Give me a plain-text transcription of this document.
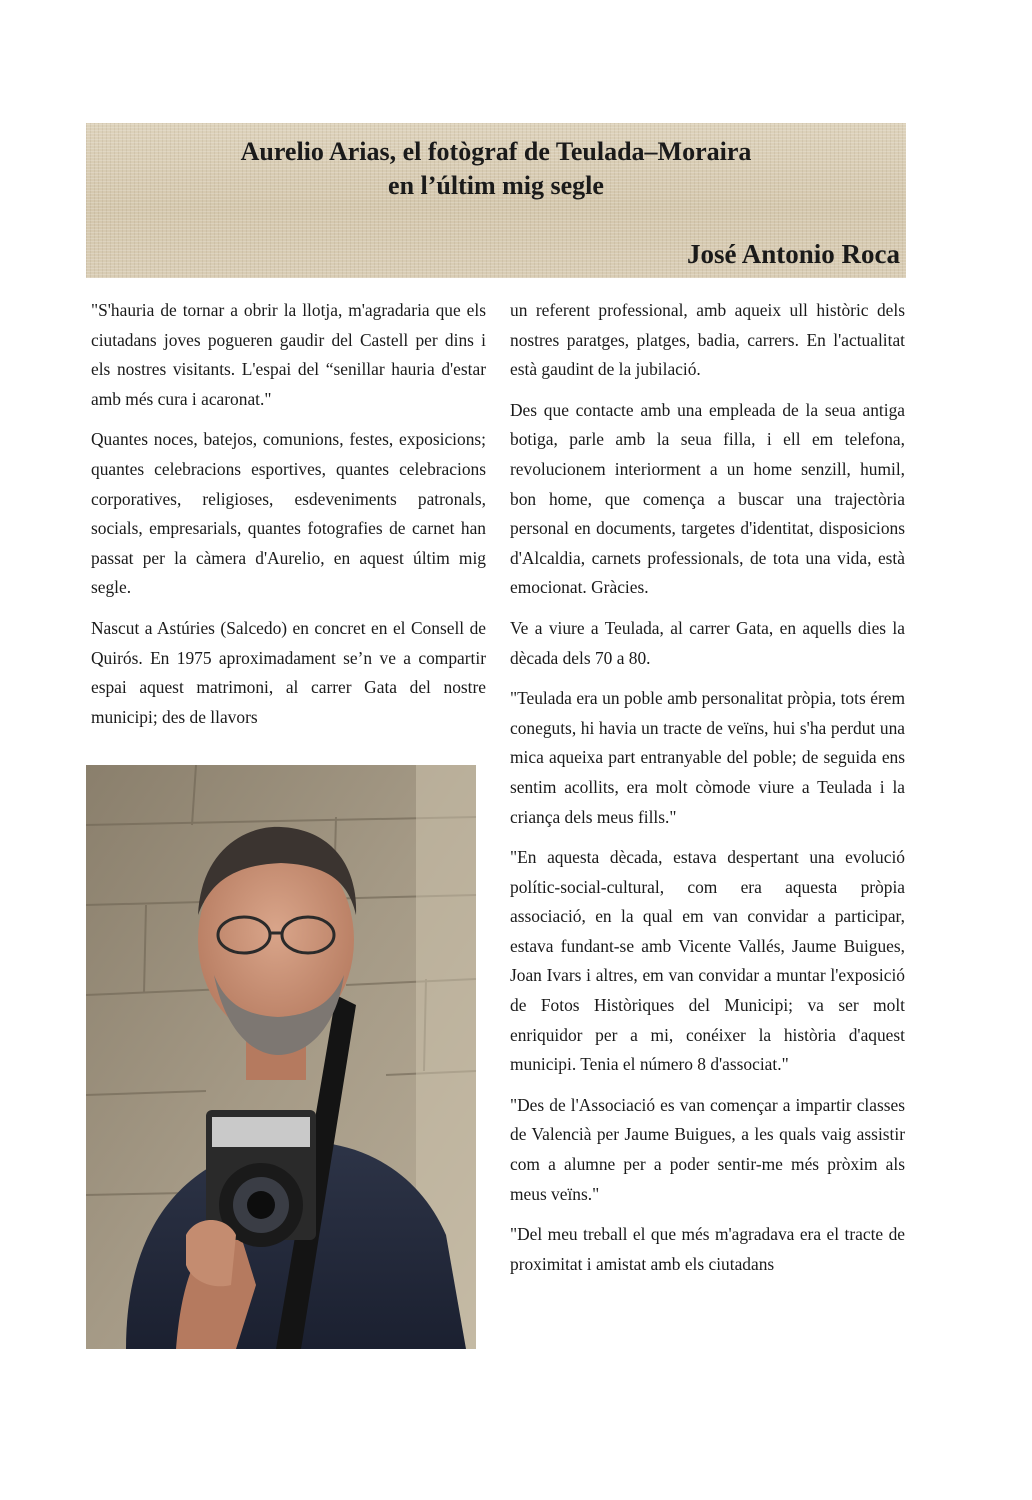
Aurelio Arias, el fotògraf de Teulada–Moraira
en l’últim mig segle
José Antonio Roca

"S'hauria de tornar a obrir la llotja, m'agradaria que els ciutadans joves pogueren gaudir del Castell per dins i els nostres visitants. L'espai del “senillar hauria d'estar amb més cura i acaronat."

Quantes noces, batejos, comunions, festes, exposicions; quantes celebracions esportives, quantes celebracions corporatives, religioses, esdeveniments patronals, socials, empresarials, quantes fotografies de carnet han passat per la càmera d'Aurelio, en aquest últim mig segle.

Nascut a Astúries (Salcedo) en concret en el Consell de Quirós. En 1975 aproximadament se’n ve a compartir espai aquest matrimoni, al carrer Gata del nostre municipi; des de llavors

un referent professional, amb aqueix ull històric dels nostres paratges, platges, badia, carrers. En l'actualitat està gaudint de la jubilació.

Des que contacte amb una empleada de la seua antiga botiga, parle amb la seua filla, i ell em telefona, revolucionem interiorment a un home senzill, humil, bon home, que comença a buscar una trajectòria personal en documents, targetes d'identitat, disposicions d'Alcaldia, carnets professionals, de tota una vida, està emocionat. Gràcies.

Ve a viure a Teulada, al carrer Gata, en aquells dies la dècada dels 70 a 80.

"Teulada era un poble amb personalitat pròpia, tots érem coneguts, hi havia un tracte de veïns, hui s'ha perdut una mica aqueixa part entranyable del poble; de seguida ens sentim acollits, era molt còmode viure a Teulada i la criança dels meus fills."

"En aquesta dècada, estava despertant una evolució polític-social-cultural, com era aquesta pròpia associació, en la qual em van convidar a participar, estava fundant-se amb Vicente Vallés, Jaume Buigues, Joan Ivars i altres, em van convidar a muntar l'exposició de Fotos Històriques del Municipi; va ser molt enriquidor per a mi, conéixer la història d'aquest municipi. Tenia el número 8 d'associat."

"Des de l'Associació es van començar a impartir classes de Valencià per Jaume Buigues, a les quals vaig assistir com a alumne per a poder sentir-me més pròxim als meus veïns."

"Del meu treball el que més m'agradava era el tracte de proximitat i amistat amb els ciutadans
